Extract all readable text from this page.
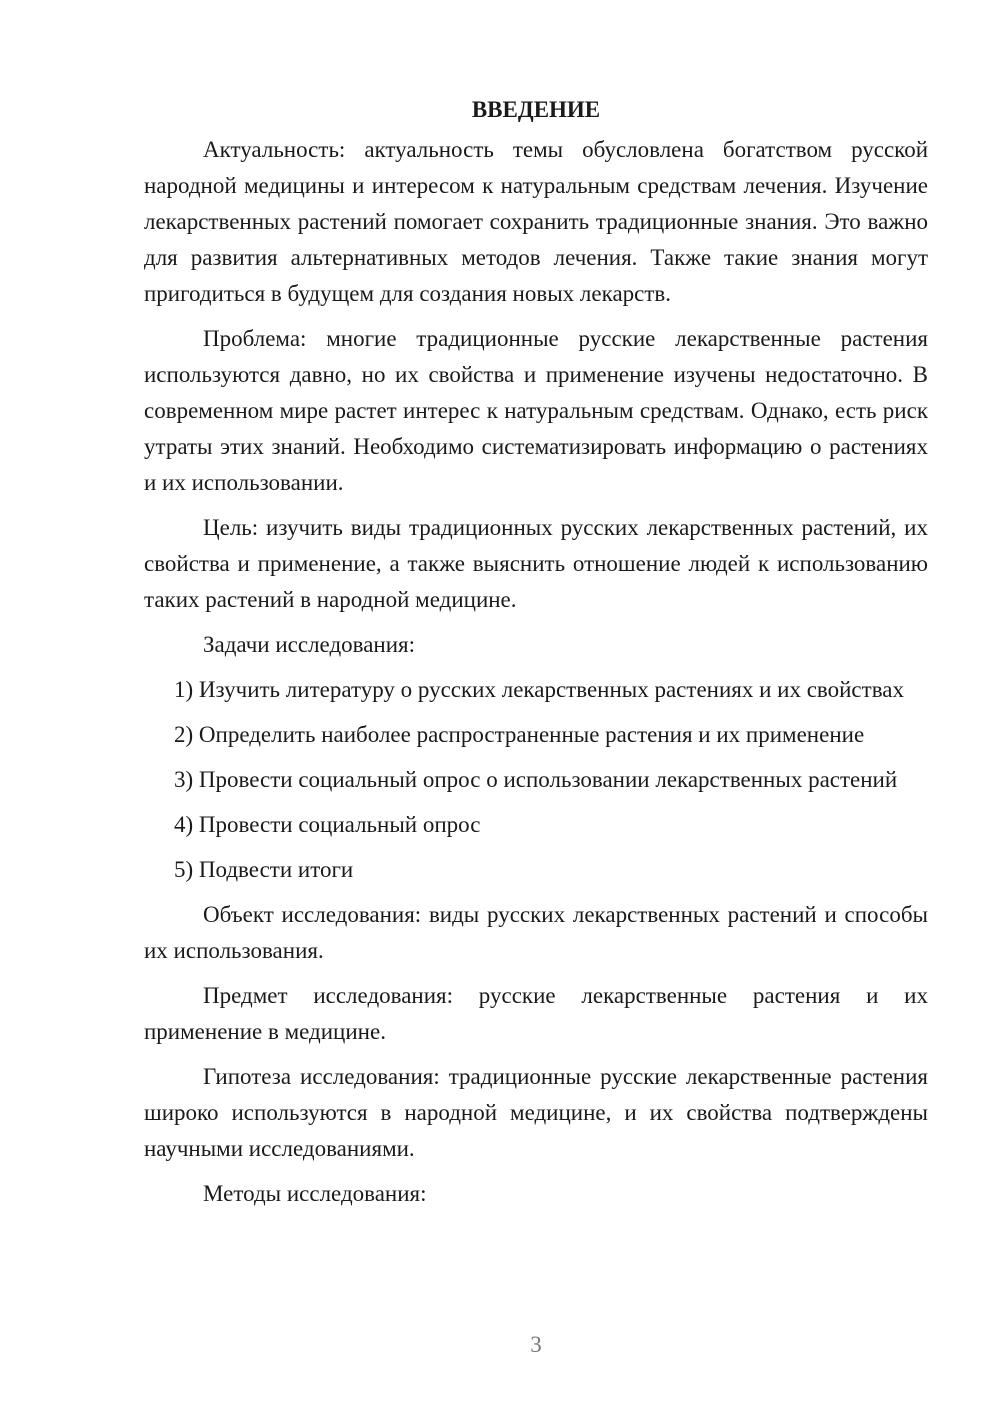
ВВЕДЕНИЕ

Актуальность: актуальность темы обусловлена богатством русской народной медицины и интересом к натуральным средствам лечения. Изучение лекарственных растений помогает сохранить традиционные знания. Это важно для развития альтернативных методов лечения. Также такие знания могут пригодиться в будущем для создания новых лекарств.

Проблема: многие традиционные русские лекарственные растения используются давно, но их свойства и применение изучены недостаточно. В современном мире растет интерес к натуральным средствам. Однако, есть риск утраты этих знаний. Необходимо систематизировать информацию о растениях и их использовании.

Цель: изучить виды традиционных русских лекарственных растений, их свойства и применение, а также выяснить отношение людей к использованию таких растений в народной медицине.

Задачи исследования:

1) Изучить литературу о русских лекарственных растениях и их свойствах

2) Определить наиболее распространенные растения и их применение

3) Провести социальный опрос о использовании лекарственных растений

4) Провести социальный опрос

5) Подвести итоги

Объект исследования: виды русских лекарственных растений и способы их использования.

Предмет исследования: русские лекарственные растения и их применение в медицине.

Гипотеза исследования: традиционные русские лекарственные растения широко используются в народной медицине, и их свойства подтверждены научными исследованиями.

Методы исследования:

3
